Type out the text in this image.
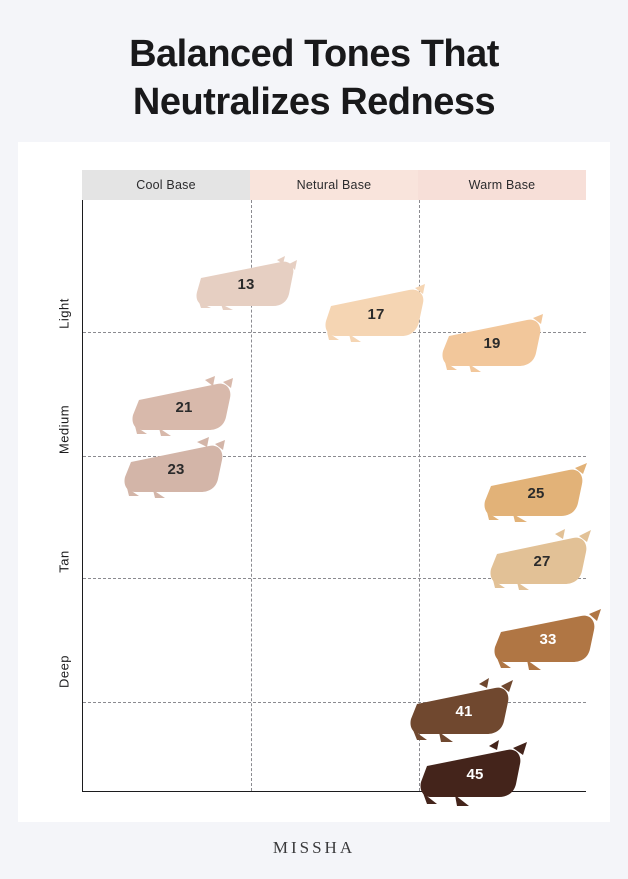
Balanced Tones That
Neutralizes Redness
Cool Base	Netural Base	Warm Base
13
17
19
21
23
25
27
33
41
45
Light
Medium
Tan
Deep
MISSHA
